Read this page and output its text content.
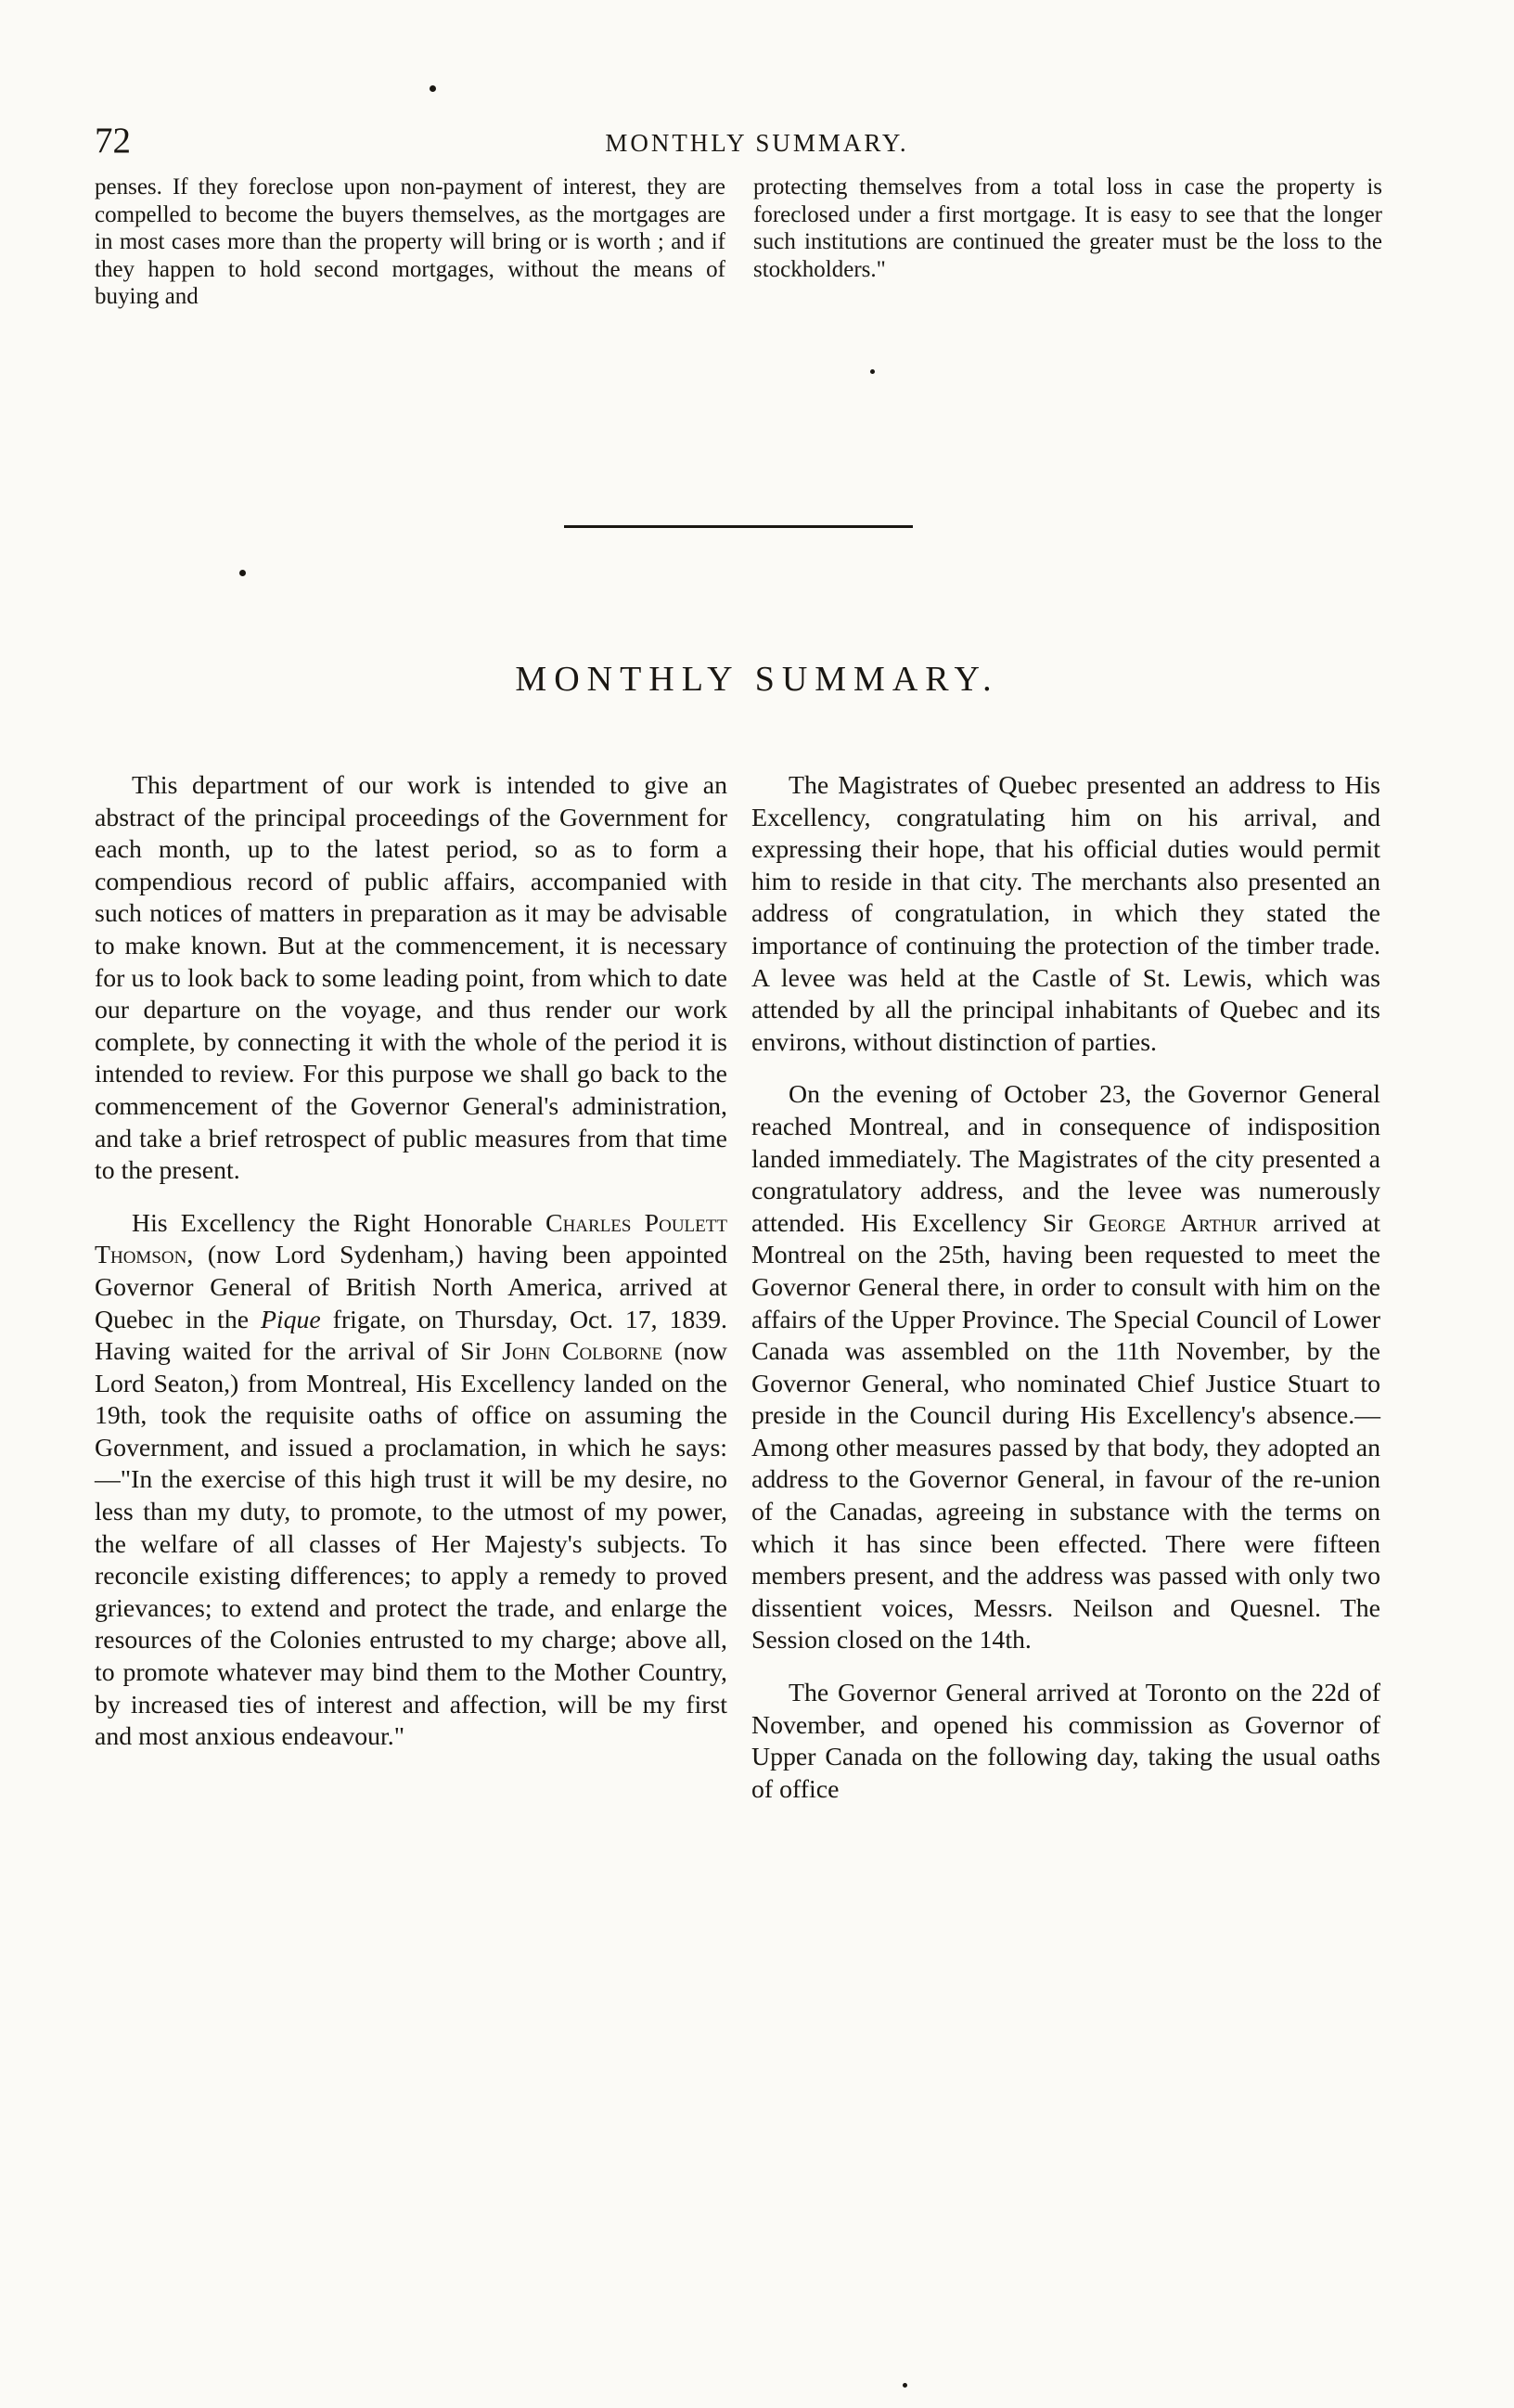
72	MONTHLY SUMMARY.

penses. If they foreclose upon non-payment of interest, they are compelled to become the buyers themselves, as the mortgages are in most cases more than the property will bring or is worth ; and if they happen to hold second mortgages, without the means of buying and

protecting themselves from a total loss in case the property is foreclosed under a first mortgage. It is easy to see that the longer such institutions are continued the greater must be the loss to the stockholders."

MONTHLY SUMMARY.

This department of our work is intended to give an abstract of the principal proceedings of the Government for each month, up to the latest period, so as to form a compendious record of public affairs, accompanied with such notices of matters in preparation as it may be advisable to make known. But at the commencement, it is necessary for us to look back to some leading point, from which to date our departure on the voyage, and thus render our work complete, by connecting it with the whole of the period it is intended to review. For this purpose we shall go back to the commencement of the Governor General's administration, and take a brief retrospect of public measures from that time to the present.

His Excellency the Right Honorable Charles Poulett Thomson, (now Lord Sydenham,) having been appointed Governor General of British North America, arrived at Quebec in the Pique frigate, on Thursday, Oct. 17, 1839. Having waited for the arrival of Sir John Colborne (now Lord Seaton,) from Montreal, His Excellency landed on the 19th, took the requisite oaths of office on assuming the Government, and issued a proclamation, in which he says:—"In the exercise of this high trust it will be my desire, no less than my duty, to promote, to the utmost of my power, the welfare of all classes of Her Majesty's subjects. To reconcile existing differences; to apply a remedy to proved grievances; to extend and protect the trade, and enlarge the resources of the Colonies entrusted to my charge; above all, to promote whatever may bind them to the Mother Country, by increased ties of interest and affection, will be my first and most anxious endeavour."

The Magistrates of Quebec presented an address to His Excellency, congratulating him on his arrival, and expressing their hope, that his official duties would permit him to reside in that city. The merchants also presented an address of congratulation, in which they stated the importance of continuing the protection of the timber trade. A levee was held at the Castle of St. Lewis, which was attended by all the principal inhabitants of Quebec and its environs, without distinction of parties.

On the evening of October 23, the Governor General reached Montreal, and in consequence of indisposition landed immediately. The Magistrates of the city presented a congratulatory address, and the levee was numerously attended. His Excellency Sir George Arthur arrived at Montreal on the 25th, having been requested to meet the Governor General there, in order to consult with him on the affairs of the Upper Province. The Special Council of Lower Canada was assembled on the 11th November, by the Governor General, who nominated Chief Justice Stuart to preside in the Council during His Excellency's absence.— Among other measures passed by that body, they adopted an address to the Governor General, in favour of the re-union of the Canadas, agreeing in substance with the terms on which it has since been effected. There were fifteen members present, and the address was passed with only two dissentient voices, Messrs. Neilson and Quesnel. The Session closed on the 14th.

The Governor General arrived at Toronto on the 22d of November, and opened his commission as Governor of Upper Canada on the following day, taking the usual oaths of office
